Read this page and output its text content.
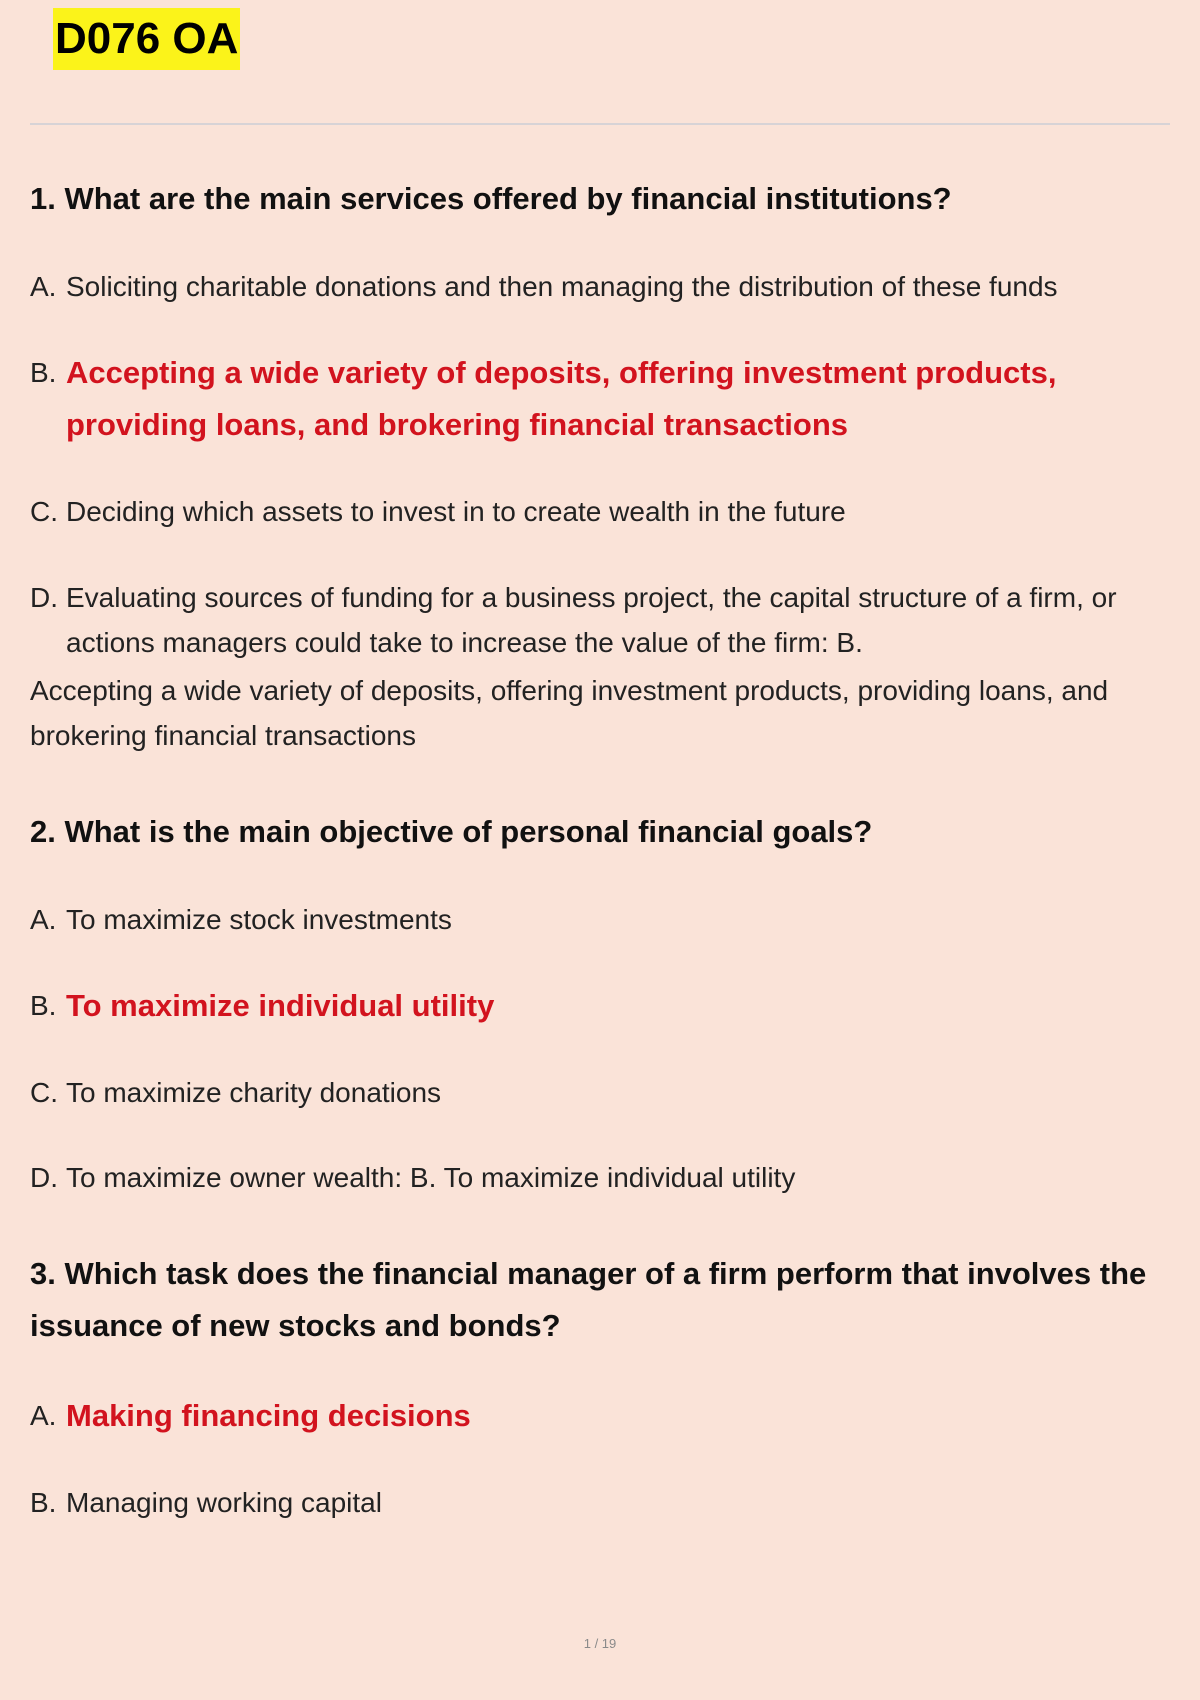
D076 OA
1. What are the main services offered by financial institutions?
A. Soliciting charitable donations and then managing the distribution of these funds
B. Accepting a wide variety of deposits, offering investment products, providing loans, and brokering financial transactions
C. Deciding which assets to invest in to create wealth in the future
D. Evaluating sources of funding for a business project, the capital structure of a firm, or actions managers could take to increase the value of the firm: B.
Accepting a wide variety of deposits, offering investment products, providing loans, and brokering financial transactions
2. What is the main objective of personal financial goals?
A. To maximize stock investments
B. To maximize individual utility
C. To maximize charity donations
D. To maximize owner wealth: B. To maximize individual utility
3. Which task does the financial manager of a firm perform that involves the issuance of new stocks and bonds?
A. Making financing decisions
B. Managing working capital
1 / 19
